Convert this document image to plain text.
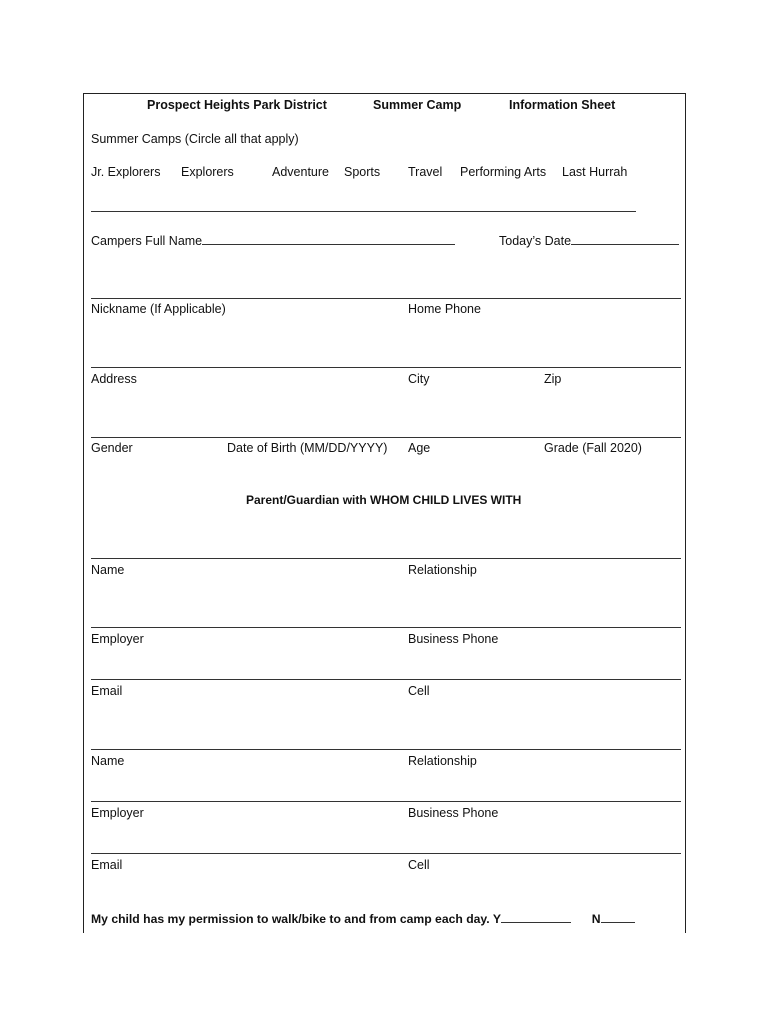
Prospect Heights Park District	Summer Camp	Information Sheet
Summer Camps (Circle all that apply)
Jr. Explorers Explorers	Adventure Sports Travel Performing Arts Last Hurrah
Campers Full Name	Today’s Date
Nickname (If Applicable)	Home Phone
Address	City	Zip
Gender	Date of Birth (MM/DD/YYYY) Age	Grade (Fall 2020)
Parent/Guardian with WHOM CHILD LIVES WITH
Name	Relationship
Employer	Business Phone
Email	Cell
Name	Relationship
Employer	Business Phone
Email	Cell
My child has my permission to walk/bike to and from camp each day. Y	N
